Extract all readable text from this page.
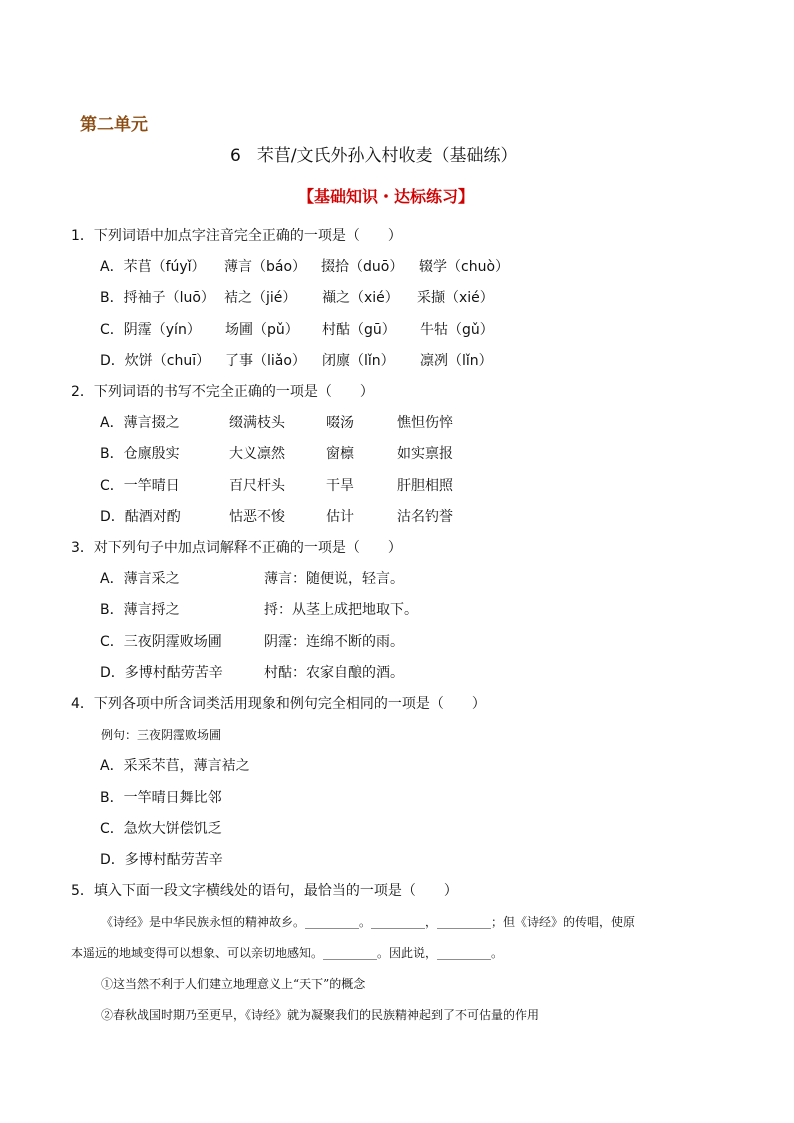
第二单元
6 芣苢/文氏外孙入村收麦（基础练）
【基础知识・达标练习】
1．下列词语中加点字注音完全正确的一项是（　　）
A．芣苢（fúyǐ） 薄言（báo） 掇拾（duō） 辍学（chuò）
B．捋袖子（luō） 袺之（jié） 襭之（xié） 采撷（xié）
C．阴霪（yín） 场圃（pǔ） 村酤（gū） 牛牯（gǔ）
D．炊饼（chuī） 了事（liǎo） 闭廪（lǐn） 凛冽（lǐn）
2．下列词语的书写不完全正确的一项是（　　）
A．薄言掇之	缀满枝头	啜汤	憔怛伤悴
B．仓廪殷实	大义凛然	窗檩	如实禀报
C．一竿晴日	百尺杆头	干旱	肝胆相照
D．酤酒对酌	怙恶不悛	估计	沽名钓誉
3．对下列句子中加点词解释不正确的一项是（　　）
A．薄言采之	薄言：随便说，轻言。
B．薄言捋之	捋：从茎上成把地取下。
C．三夜阴霪败场圃	阴霪：连绵不断的雨。
D．多博村酤劳苦辛	村酤：农家自酿的酒。
4．下列各项中所含词类活用现象和例句完全相同的一项是（　　）
例句：三夜阴霪败场圃
A．采采芣苢，薄言袺之
B．一竿晴日舞比邻
C．急炊大饼偿饥乏
D．多博村酤劳苦辛
5．填入下面一段文字横线处的语句，最恰当的一项是（　　）
《诗经》是中华民族永恒的精神故乡。_________。_________，_________；但《诗经》的传唱，使原
本遥远的地域变得可以想象、可以亲切地感知。_________。因此说，_________。
①这当然不利于人们建立地理意义上“天下”的概念
②春秋战国时期乃至更早，《诗经》就为凝聚我们的民族精神起到了不可估量的作用
